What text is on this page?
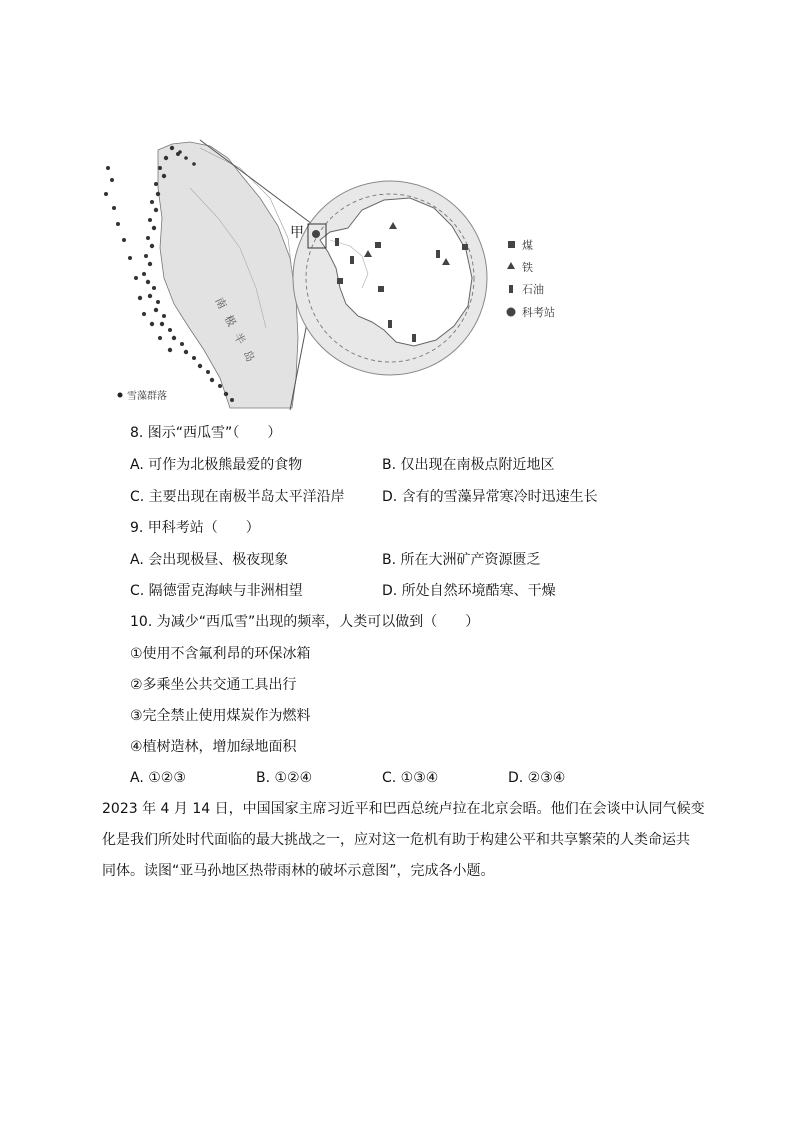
南极半岛
雪藻群落
甲
煤
铁
石油
科考站
8. 图示“西瓜雪”（　　）
A. 可作为北极熊最爱的食物	B. 仅出现在南极点附近地区
C. 主要出现在南极半岛太平洋沿岸	D. 含有的雪藻异常寒冷时迅速生长
9. 甲科考站（　　）
A. 会出现极昼、极夜现象	B. 所在大洲矿产资源匮乏
C. 隔德雷克海峡与非洲相望	D. 所处自然环境酷寒、干燥
10. 为减少“西瓜雪”出现的频率，人类可以做到（　　）
①使用不含氟利昂的环保冰箱
②多乘坐公共交通工具出行
③完全禁止使用煤炭作为燃料
④植树造林，增加绿地面积
A. ①②③	B. ①②④	C. ①③④	D. ②③④
2023 年 4 月 14 日，中国国家主席习近平和巴西总统卢拉在北京会晤。他们在会谈中认同气候变
化是我们所处时代面临的最大挑战之一，应对这一危机有助于构建公平和共享繁荣的人类命运共
同体。读图“亚马孙地区热带雨林的破坏示意图”，完成各小题。
